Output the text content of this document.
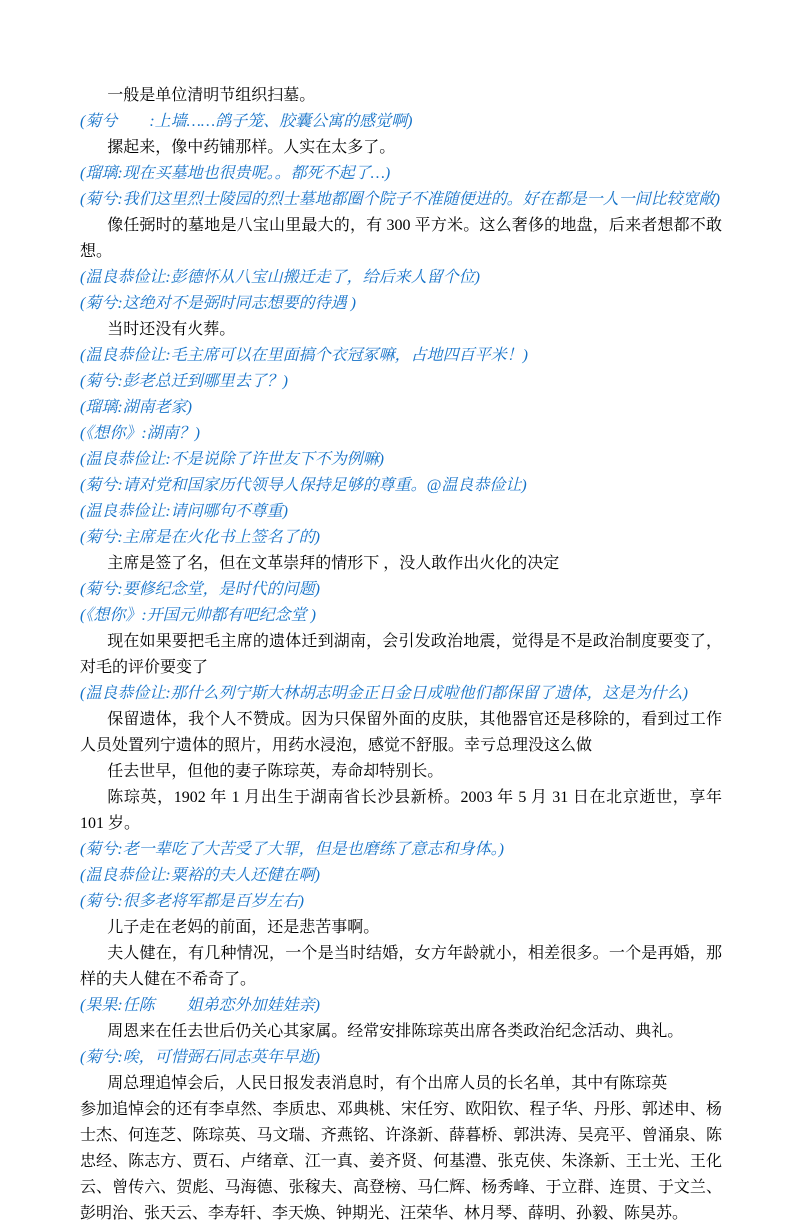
一般是单位清明节组织扫墓。

(菊兮　　:上墙……鸽子笼、胶囊公寓的感觉啊)

摞起来，像中药铺那样。人实在太多了。

(瑠璃:现在买墓地也很贵呢。。都死不起了…)

(菊兮:我们这里烈士陵园的烈士墓地都圈个院子不准随便进的。好在都是一人一间比较宽敞)

像任弼时的墓地是八宝山里最大的，有 300 平方米。这么奢侈的地盘，后来者想都不敢想。

(温良恭俭让:彭德怀从八宝山搬迁走了，给后来人留个位)

(菊兮:这绝对不是弼时同志想要的待遇 )

当时还没有火葬。

(温良恭俭让:毛主席可以在里面搞个衣冠冢嘛，占地四百平米！)

(菊兮:彭老总迁到哪里去了？)

(瑠璃:湖南老家)

(《想你》:湖南？)

(温良恭俭让:不是说除了许世友下不为例嘛)

(菊兮:请对党和国家历代领导人保持足够的尊重。@温良恭俭让)

(温良恭俭让:请问哪句不尊重)

(菊兮:主席是在火化书上签名了的)

主席是签了名，但在文革崇拜的情形下 ，没人敢作出火化的决定

(菊兮:要修纪念堂，是时代的问题)

(《想你》:开国元帅都有吧纪念堂 )

现在如果要把毛主席的遗体迁到湖南，会引发政治地震，觉得是不是政治制度要变了，对毛的评价要变了

(温良恭俭让:那什么列宁斯大林胡志明金正日金日成啦他们都保留了遗体，这是为什么)

保留遗体，我个人不赞成。因为只保留外面的皮肤，其他器官还是移除的，看到过工作人员处置列宁遗体的照片，用药水浸泡，感觉不舒服。幸亏总理没这么做

任去世早，但他的妻子陈琮英，寿命却特别长。

陈琮英，1902 年 1 月出生于湖南省长沙县新桥。2003 年 5 月 31 日在北京逝世，享年 101 岁。

(菊兮:老一辈吃了大苦受了大罪，但是也磨练了意志和身体。)

(温良恭俭让:粟裕的夫人还健在啊)

(菊兮:很多老将军都是百岁左右)

儿子走在老妈的前面，还是悲苦事啊。

夫人健在，有几种情况，一个是当时结婚，女方年龄就小，相差很多。一个是再婚，那样的夫人健在不希奇了。

(果果:任陈　　姐弟恋外加娃娃亲)

周恩来在任去世后仍关心其家属。经常安排陈琮英出席各类政治纪念活动、典礼。

(菊兮:唉，可惜弼石同志英年早逝)

周总理追悼会后，人民日报发表消息时，有个出席人员的长名单，其中有陈琮英

参加追悼会的还有李卓然、李质忠、邓典桃、宋任穷、欧阳钦、程子华、丹彤、郭述申、杨士杰、何连芝、陈琮英、马文瑞、齐燕铭、许涤新、薛暮桥、郭洪涛、吴亮平、曾涌泉、陈忠经、陈志方、贾石、卢绪章、江一真、姜齐贤、何基澧、张克侠、朱涤新、王士光、王化云、曾传六、贺彪、马海德、张稼夫、高登榜、马仁辉、杨秀峰、于立群、连贯、于文兰、彭明治、张天云、李寿轩、李天焕、钟期光、汪荣华、林月琴、薛明、孙毅、陈昊苏。
